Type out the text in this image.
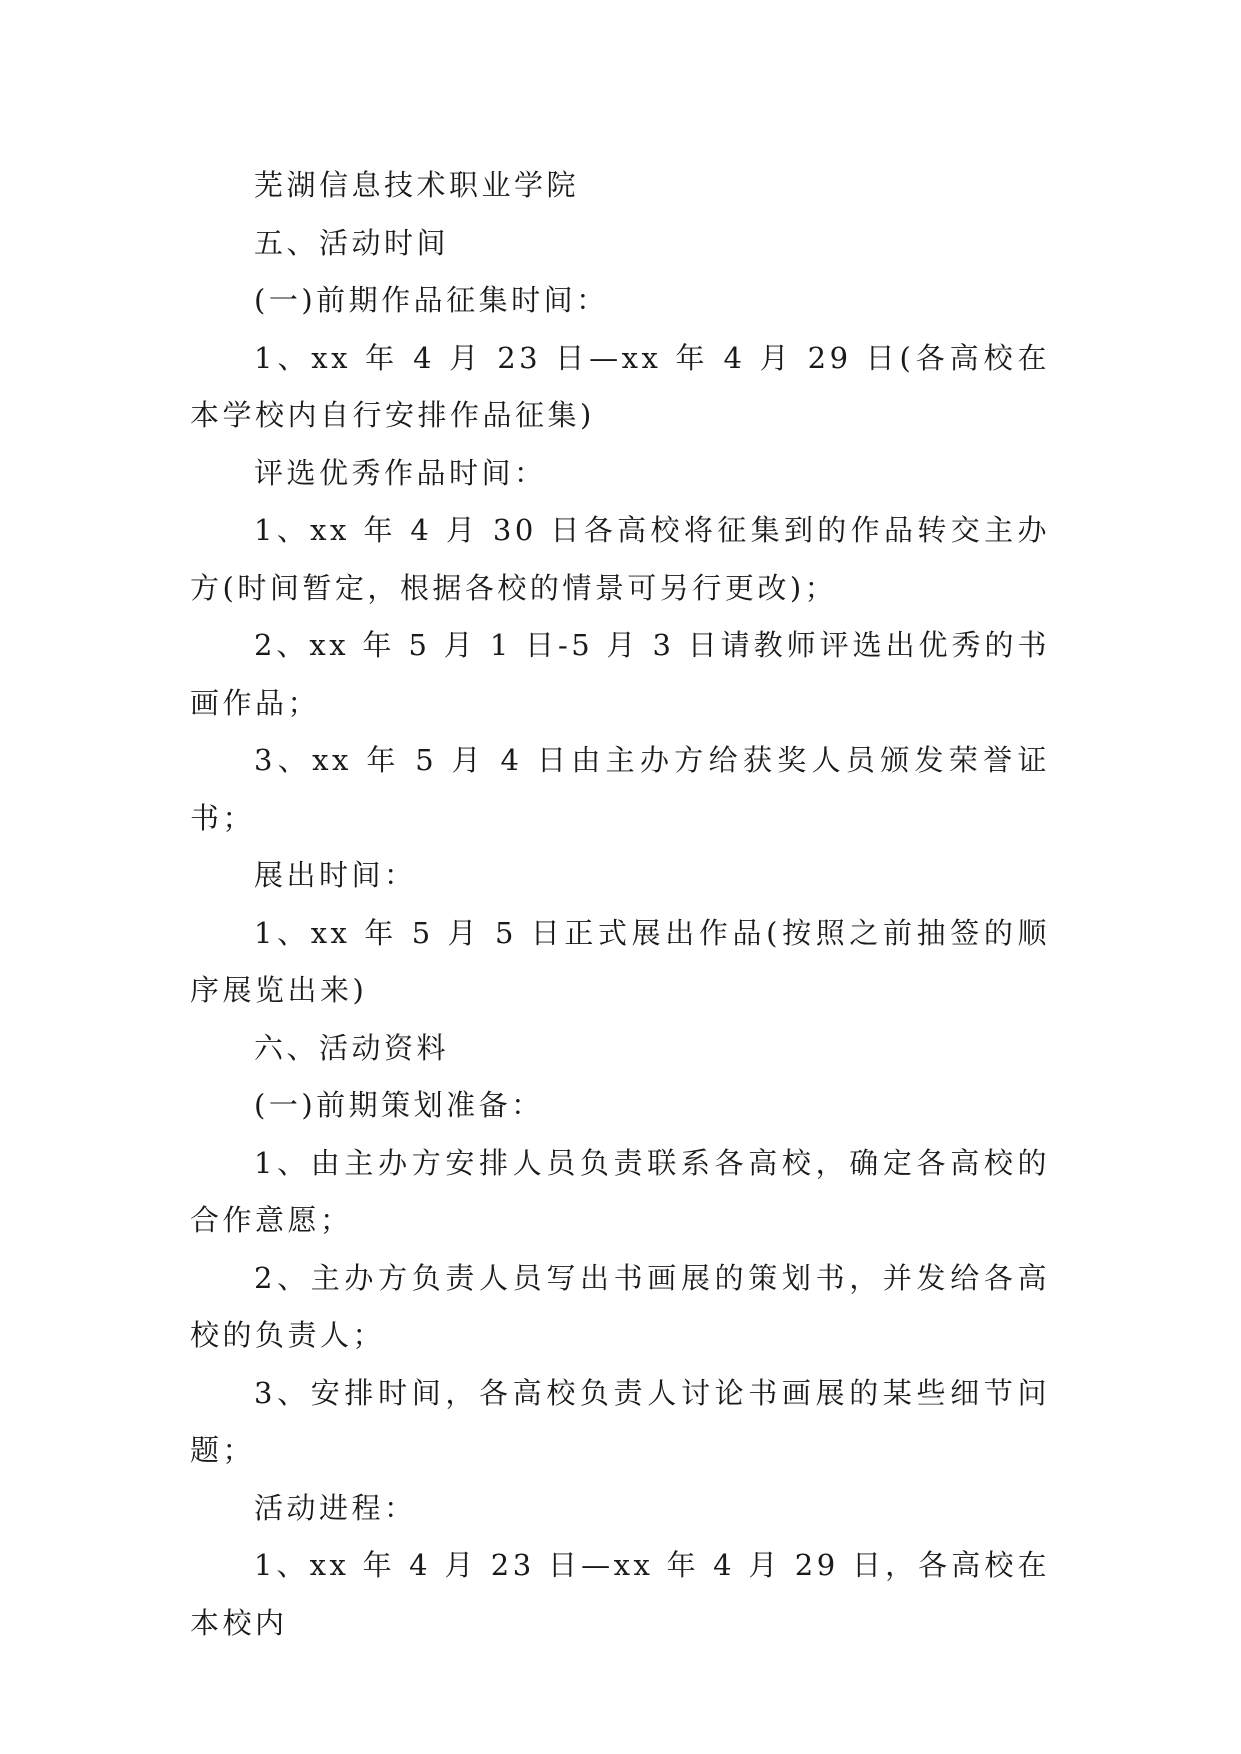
芜湖信息技术职业学院

五、活动时间

(一)前期作品征集时间：

1、xx 年 4 月 23 日—xx 年 4 月 29 日(各高校在本学校内自行安排作品征集)

评选优秀作品时间：

1、xx 年 4 月 30 日各高校将征集到的作品转交主办方(时间暂定，根据各校的情景可另行更改)；

2、xx 年 5 月 1 日-5 月 3 日请教师评选出优秀的书画作品；

3、xx 年 5 月 4 日由主办方给获奖人员颁发荣誉证书；

展出时间：

1、xx 年 5 月 5 日正式展出作品(按照之前抽签的顺序展览出来)

六、活动资料

(一)前期策划准备：

1、由主办方安排人员负责联系各高校，确定各高校的合作意愿；

2、主办方负责人员写出书画展的策划书，并发给各高校的负责人；

3、安排时间，各高校负责人讨论书画展的某些细节问题；

活动进程：

1、xx 年 4 月 23 日—xx 年 4 月 29 日，各高校在本校内
